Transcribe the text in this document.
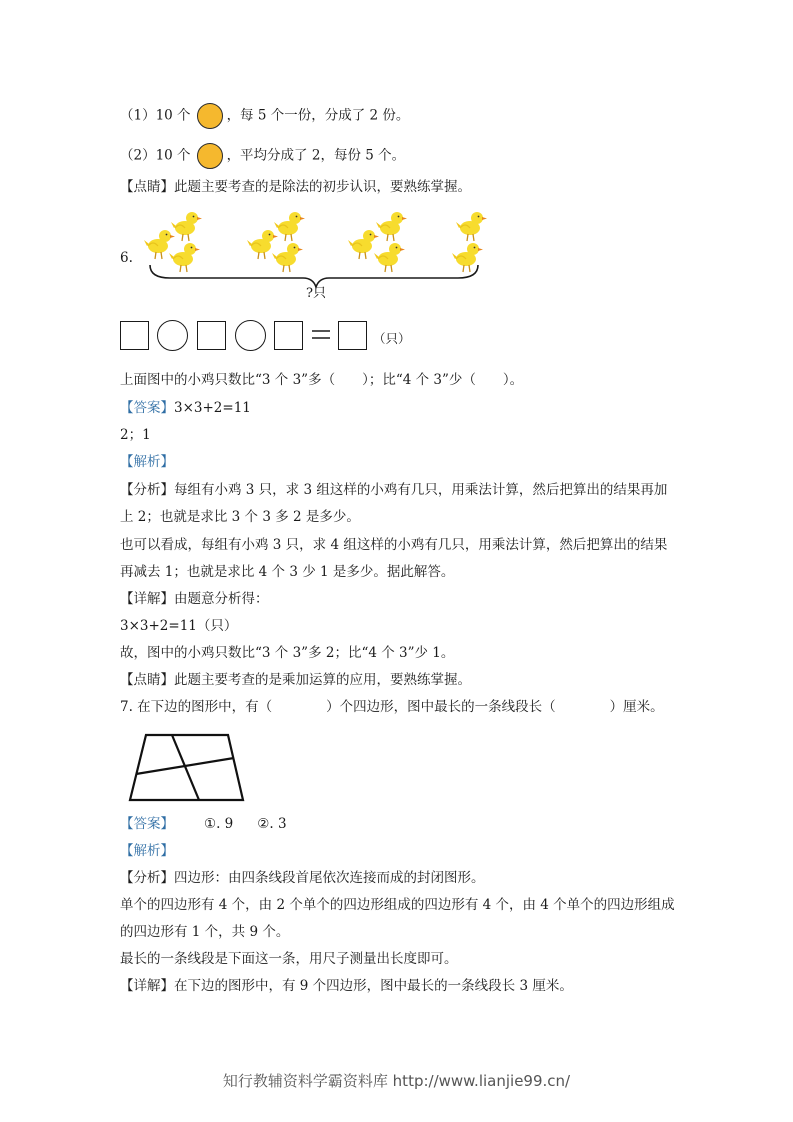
（1）10 个	，每 5 个一份，分成了 2 份。
（2）10 个	，平均分成了 2，每份 5 个。
【点睛】此题主要考查的是除法的初步认识，要熟练掌握。
6.
?只
（只）
上面图中的小鸡只数比“3 个 3”多（　　）；比“4 个 3”少（　　）。
【答案】3×3+2=11
2；1
【解析】
【分析】每组有小鸡 3 只，求 3 组这样的小鸡有几只，用乘法计算，然后把算出的结果再加
上 2；也就是求比 3 个 3 多 2 是多少。
也可以看成，每组有小鸡 3 只，求 4 组这样的小鸡有几只，用乘法计算，然后把算出的结果
再减去 1；也就是求比 4 个 3 少 1 是多少。据此解答。
【详解】由题意分析得：
3×3+2=11（只）
故，图中的小鸡只数比“3 个 3”多 2；比“4 个 3”少 1。
【点睛】此题主要考查的是乘加运算的应用，要熟练掌握。
7. 在下边的图形中，有（　　　　）个四边形，图中最长的一条线段长（　　　　）厘米。
【答案】 ①. 9 ②. 3
【解析】
【分析】四边形：由四条线段首尾依次连接而成的封闭图形。
单个的四边形有 4 个，由 2 个单个的四边形组成的四边形有 4 个，由 4 个单个的四边形组成
的四边形有 1 个，共 9 个。
最长的一条线段是下面这一条，用尺子测量出长度即可。
【详解】在下边的图形中，有 9 个四边形，图中最长的一条线段长 3 厘米。
知行教辅资料学霸资料库 http://www.lianjie99.cn/
